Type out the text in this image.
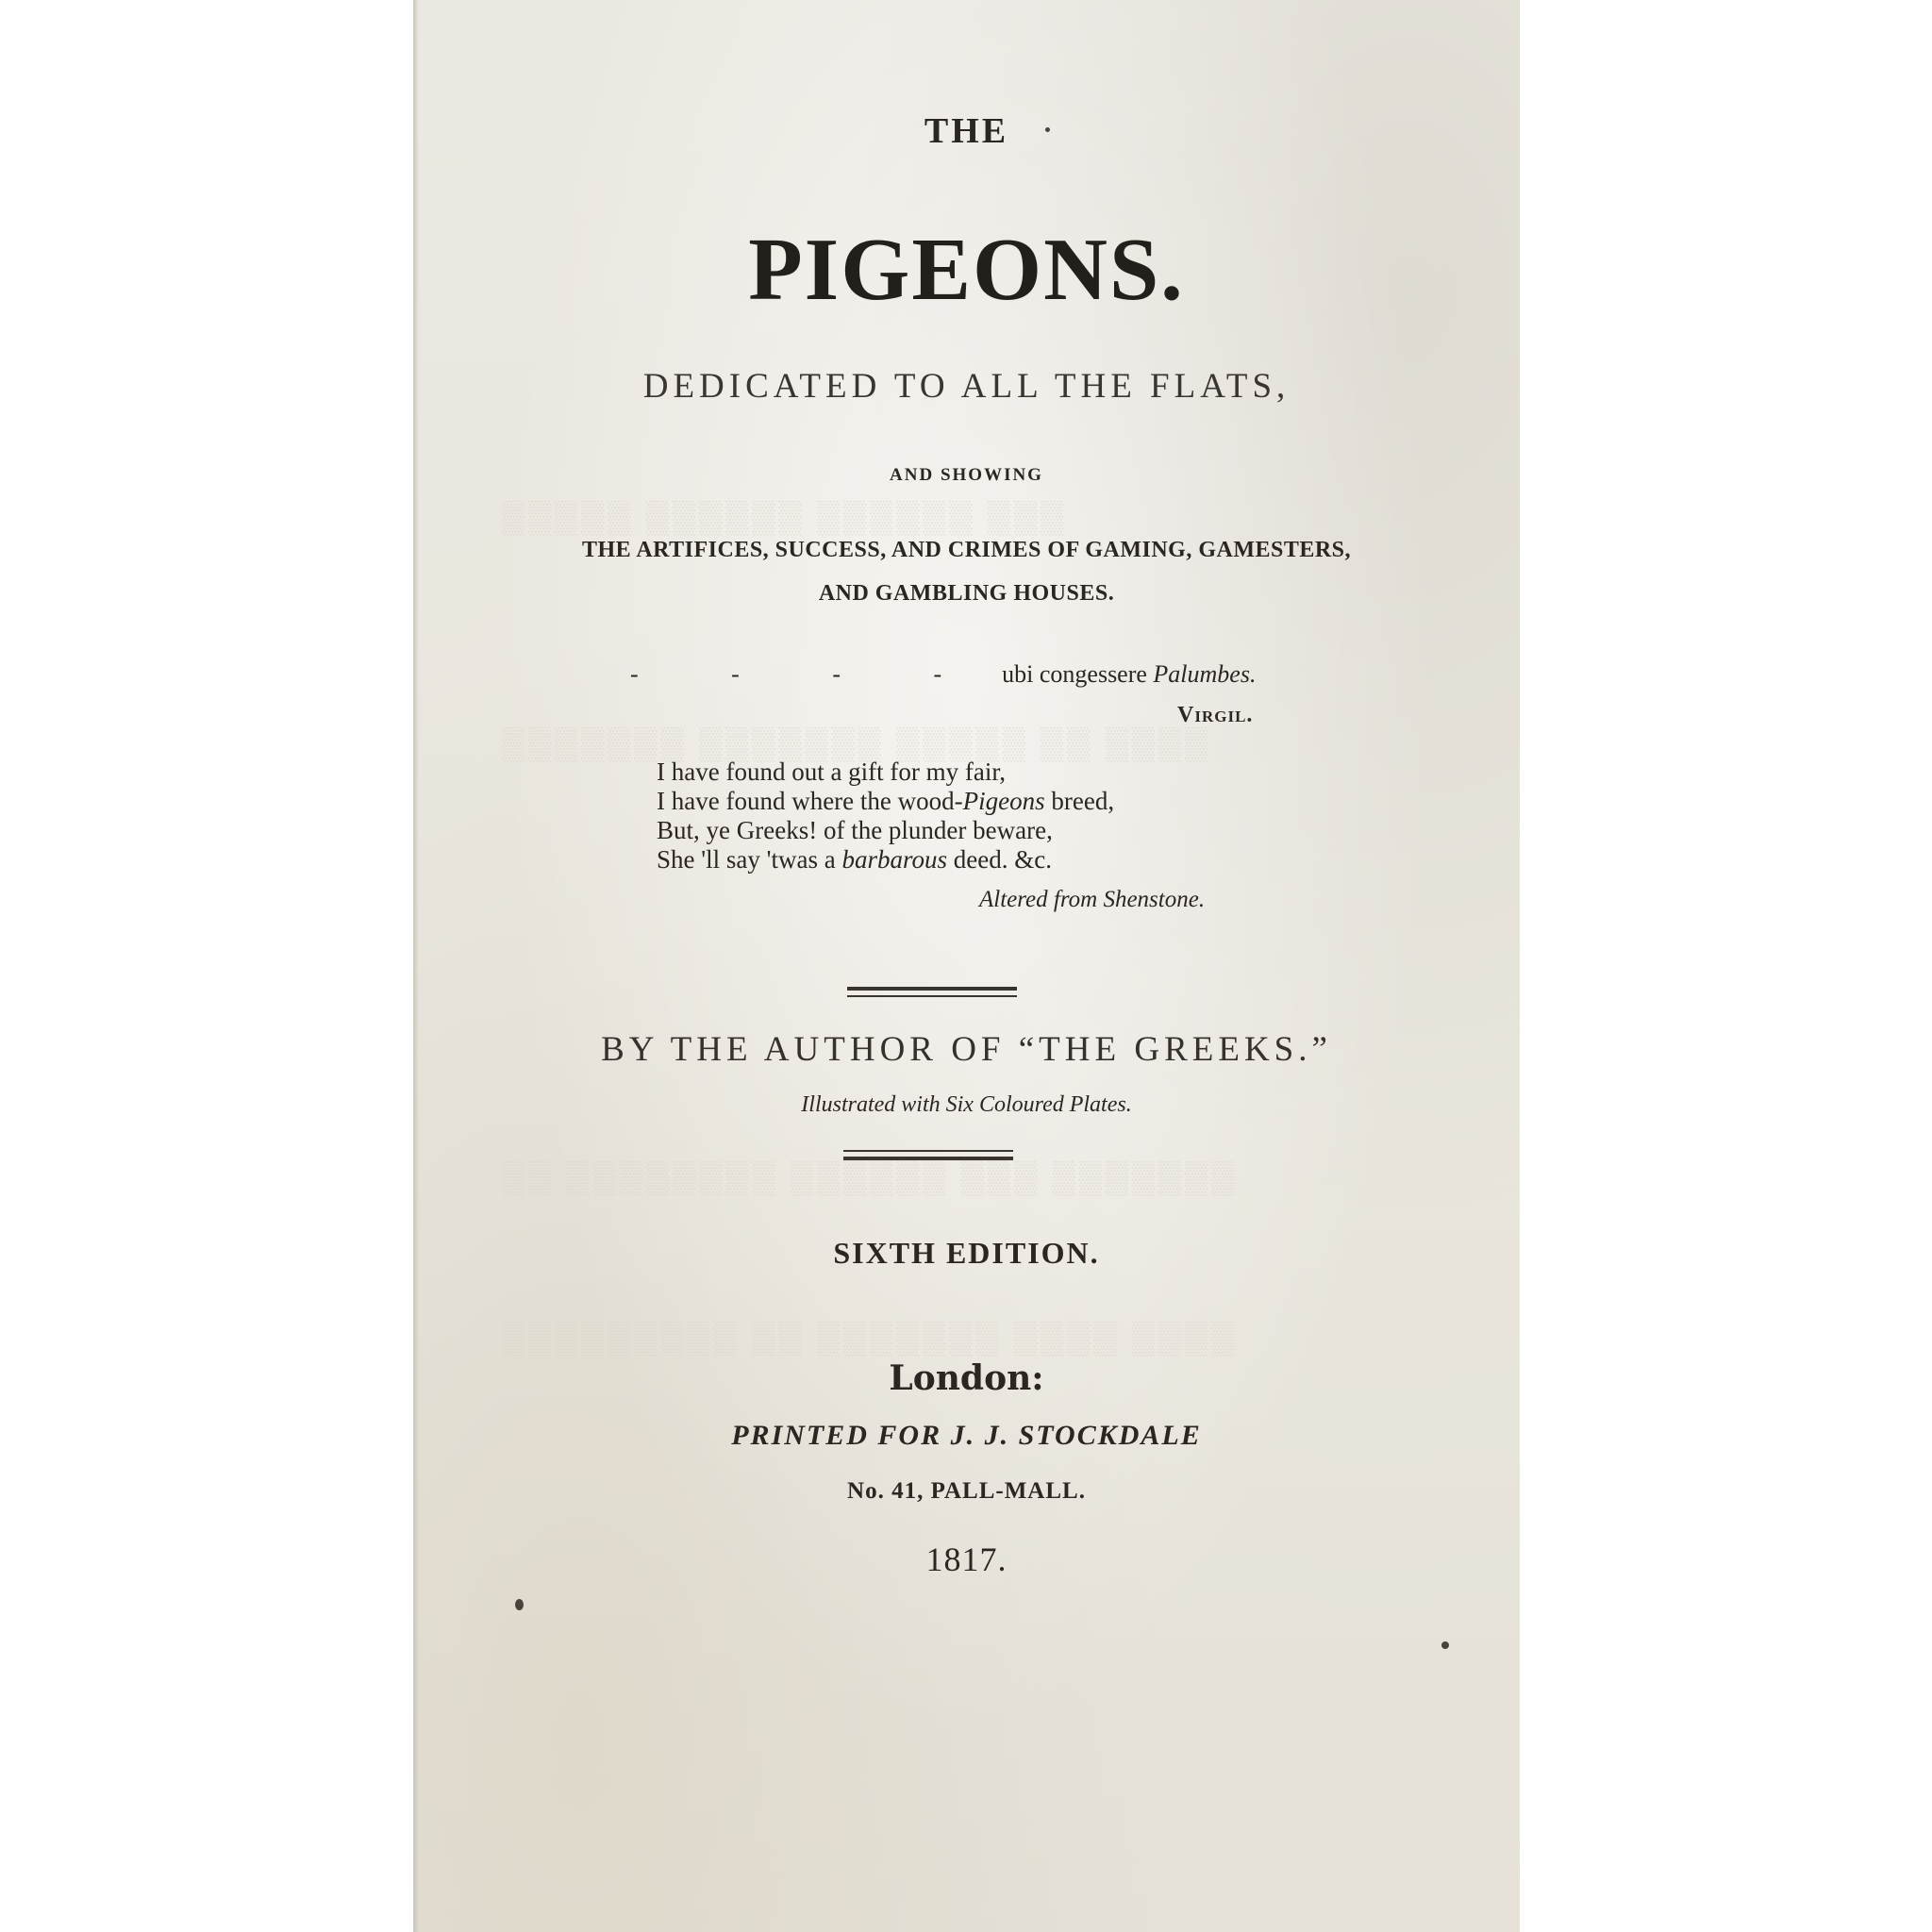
▒▒▒ ▒▒▒▒▒▒ ▒▒▒▒▒▒ ▒▒▒▒▒
▒▒▒▒ ▒▒ ▒▒▒▒▒ ▒▒▒▒▒▒▒ ▒▒▒▒▒▒▒
▒▒▒▒▒▒▒ ▒▒▒ ▒▒▒▒▒▒ ▒▒▒▒▒▒▒▒ ▒▒
▒▒▒▒ ▒▒▒▒ ▒▒▒▒▒▒▒ ▒▒ ▒▒▒▒▒▒▒▒▒
THE
PIGEONS.
DEDICATED TO ALL THE FLATS,
AND SHOWING
THE ARTIFICES, SUCCESS, AND CRIMES OF GAMING, GAMESTERS,
AND GAMBLING HOUSES.
- - - - ubi congessere Palumbes.
Virgil.
I have found out a gift for my fair,
I have found where the wood-Pigeons breed,
But, ye Greeks! of the plunder beware,
She 'll say 'twas a barbarous deed. &c.
Altered from Shenstone.
BY THE AUTHOR OF “THE GREEKS.”
Illustrated with Six Coloured Plates.
SIXTH EDITION.
London:
PRINTED FOR J. J. STOCKDALE
No. 41, PALL-MALL.
1817.
